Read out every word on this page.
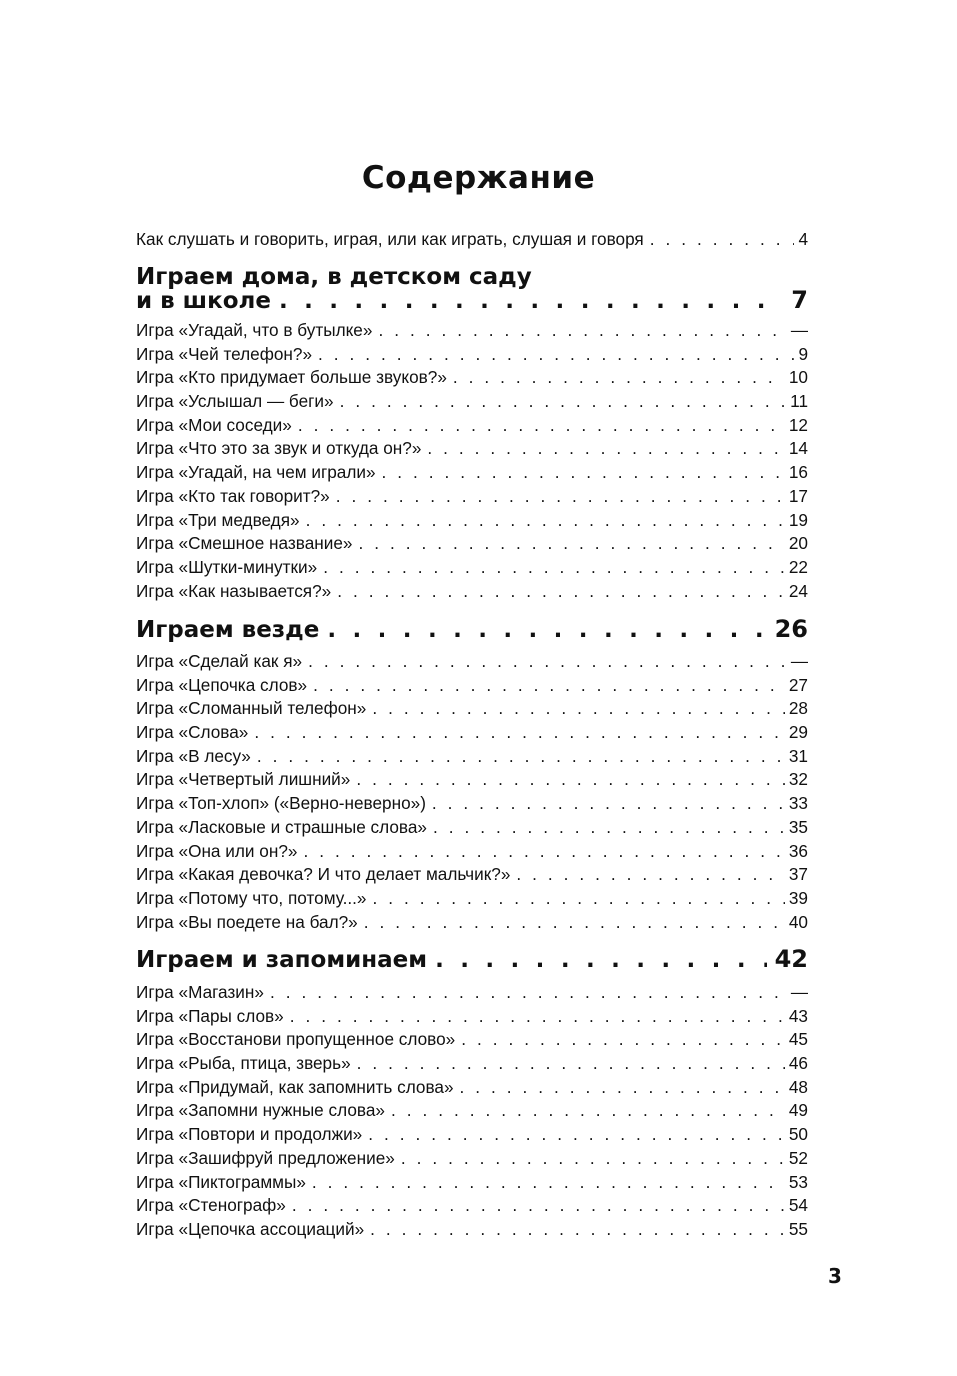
Содержание
Как слушать и говорить, играя, или как играть, слушая и говоря . . .	4
Играем дома, в детском саду
и в школе . . .	7
Игра «Угадай, что в бутылке» . . .	—
Игра «Чей телефон?» . . .	9
Игра «Кто придумает больше звуков?» . . .	10
Игра «Услышал — беги» . . .	11
Игра «Мои соседи» . . .	12
Игра «Что это за звук и откуда он?» . . .	14
Игра «Угадай, на чем играли» . . .	16
Игра «Кто так говорит?» . . .	17
Игра «Три медведя» . . .	19
Игра «Смешное название» . . .	20
Игра «Шутки-минутки» . . .	22
Игра «Как называется?» . . .	24
Играем везде . . .	26
Игра «Сделай как я» . . .	—
Игра «Цепочка слов» . . .	27
Игра «Сломанный телефон» . . .	28
Игра «Слова» . . .	29
Игра «В лесу» . . .	31
Игра «Четвертый лишний» . . .	32
Игра «Топ-хлоп» («Верно-неверно») . . .	33
Игра «Ласковые и страшные слова» . . .	35
Игра «Она или он?» . . .	36
Игра «Какая девочка? И что делает мальчик?» . . .	37
Игра «Потому что, потому...» . . .	39
Игра «Вы поедете на бал?» . . .	40
Играем и запоминаем . . .	42
Игра «Магазин» . . .	—
Игра «Пары слов» . . .	43
Игра «Восстанови пропущенное слово» . . .	45
Игра «Рыба, птица, зверь» . . .	46
Игра «Придумай, как запомнить слова» . . .	48
Игра «Запомни нужные слова» . . .	49
Игра «Повтори и продолжи» . . .	50
Игра «Зашифруй предложение» . . .	52
Игра «Пиктограммы» . . .	53
Игра «Стенограф» . . .	54
Игра «Цепочка ассоциаций» . . .	55
3
